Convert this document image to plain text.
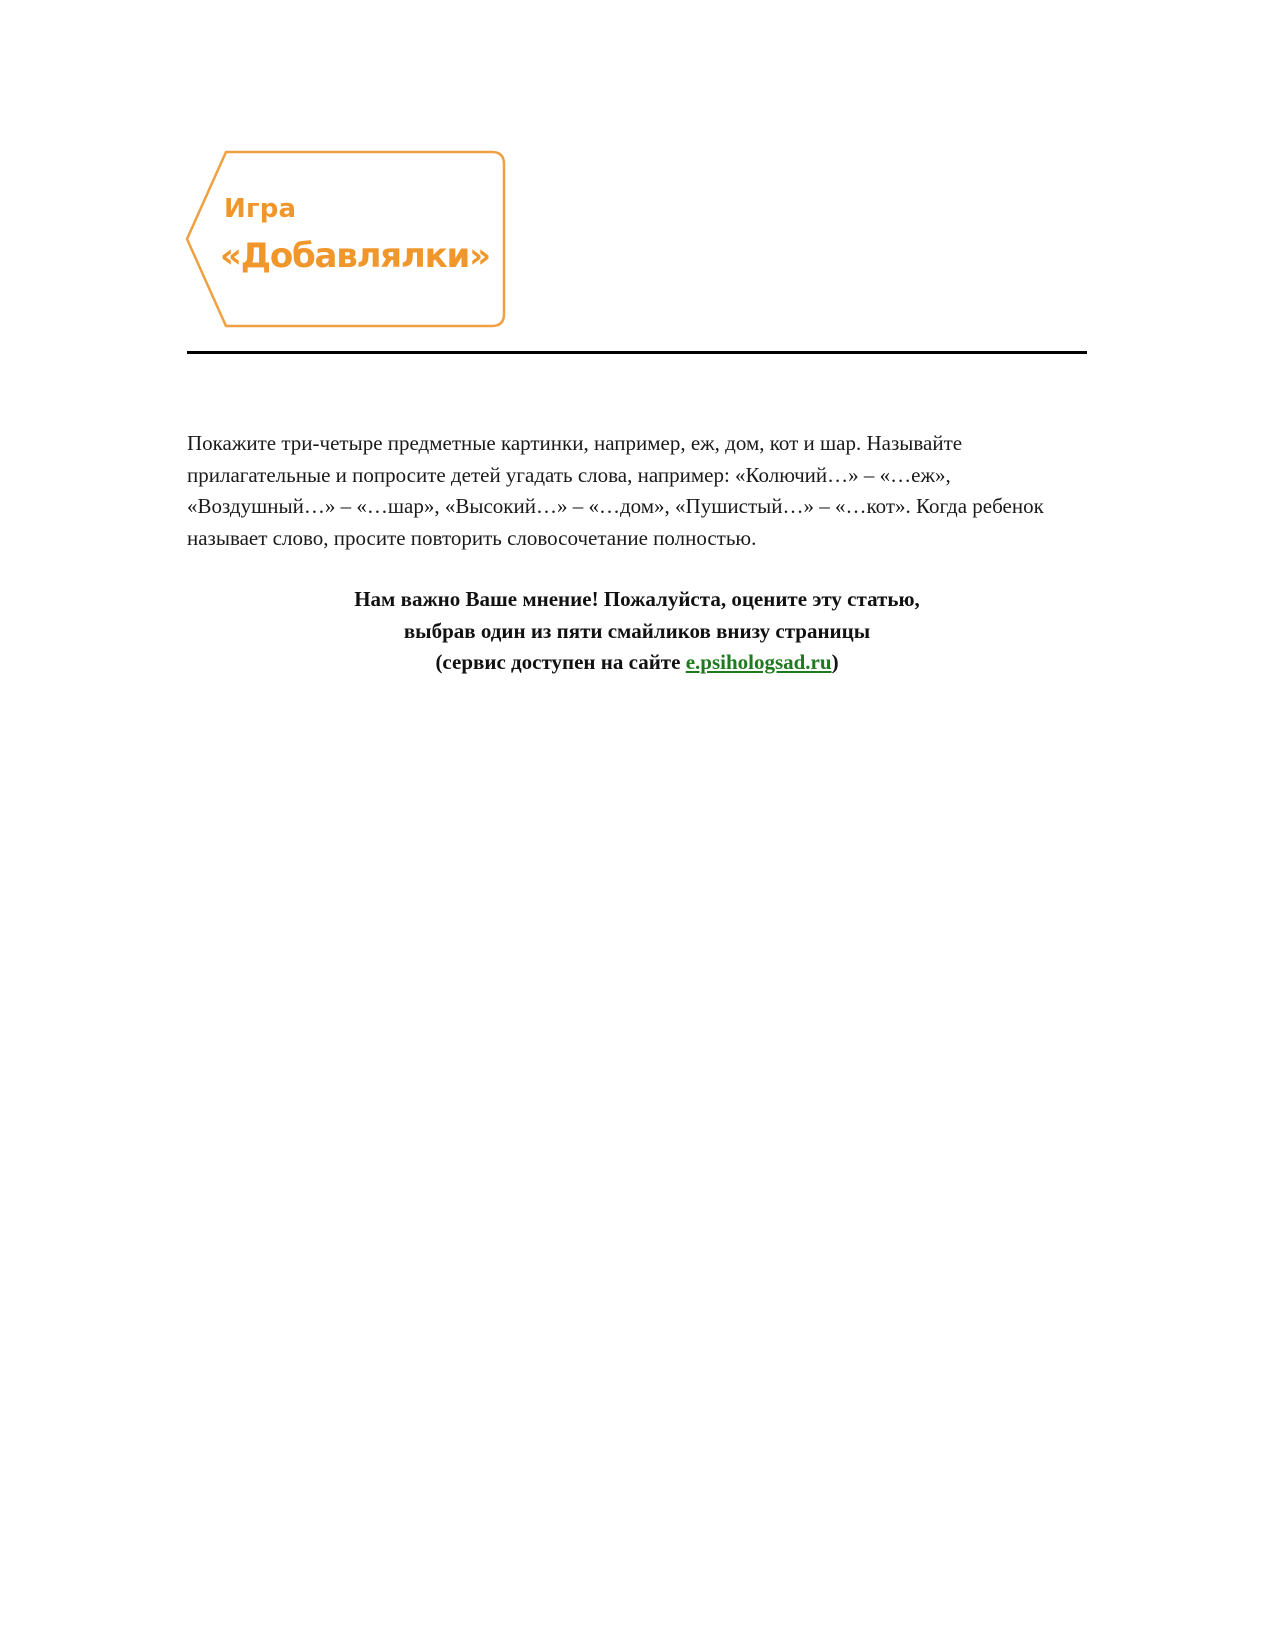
Игра
«Добавлялки»

Покажите три-четыре предметные картинки, например, еж, дом, кот и шар. Называйте прилагательные и попросите детей угадать слова, например: «Колючий…» – «…еж», «Воздушный…» – «…шар», «Высокий…» – «…дом», «Пушистый…» – «…кот». Когда ребенок называет слово, просите повторить словосочетание полностью.

Нам важно Ваше мнение! Пожалуйста, оцените эту статью,
выбрав один из пяти смайликов внизу страницы
(сервис доступен на сайте e.psihologsad.ru)
